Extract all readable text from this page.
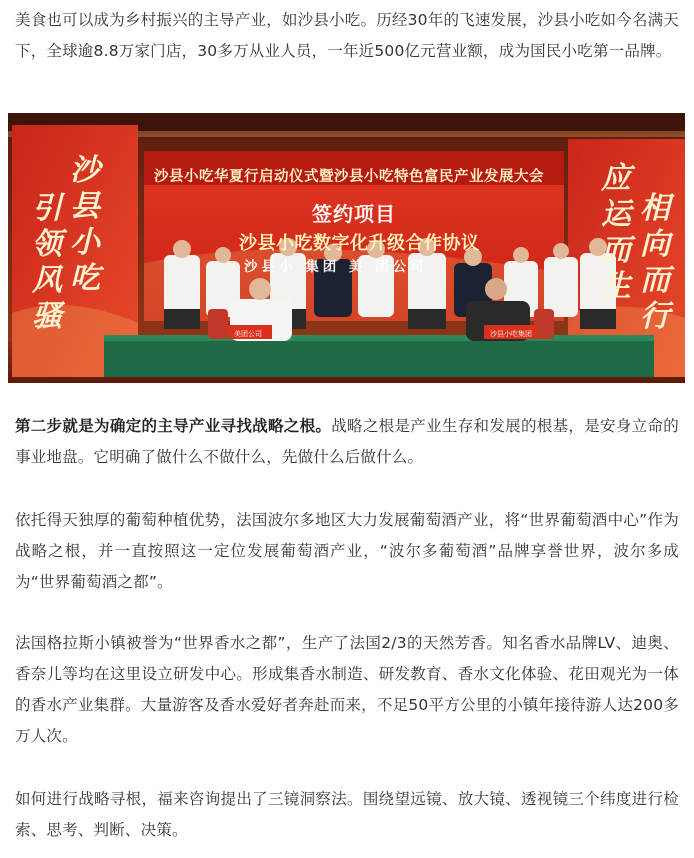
美食也可以成为乡村振兴的主导产业，如沙县小吃。历经30年的飞速发展，沙县小吃如今名满天下，全球逾8.8万家门店，30多万从业人员，一年近500亿元营业额，成为国民小吃第一品牌。

沙县小吃华夏行启动仪式暨沙县小吃特色富民产业发展大会
签约项目
沙县小吃数字化升级合作协议
沙县小 集团 美 团公司
沙县小吃
引领风骚
应运而生
相向而行
美团公司	沙县小吃集团

第二步就是为确定的主导产业寻找战略之根。战略之根是产业生存和发展的根基，是安身立命的事业地盘。它明确了做什么不做什么，先做什么后做什么。

依托得天独厚的葡萄种植优势，法国波尔多地区大力发展葡萄酒产业，将“世界葡萄酒中心”作为战略之根，并一直按照这一定位发展葡萄酒产业，“波尔多葡萄酒”品牌享誉世界，波尔多成为“世界葡萄酒之都”。

法国格拉斯小镇被誉为“世界香水之都”，生产了法国2/3的天然芳香。知名香水品牌LV、迪奥、香奈儿等均在这里设立研发中心。形成集香水制造、研发教育、香水文化体验、花田观光为一体的香水产业集群。大量游客及香水爱好者奔赴而来，不足50平方公里的小镇年接待游人达200多万人次。

如何进行战略寻根，福来咨询提出了三镜洞察法。围绕望远镜、放大镜、透视镜三个纬度进行检索、思考、判断、决策。
